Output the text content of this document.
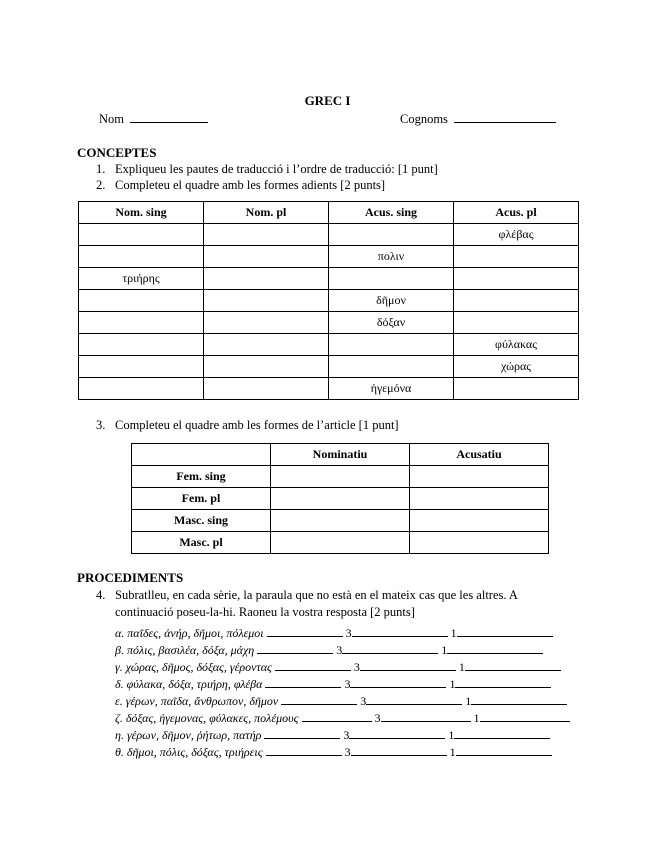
GREC I
Nom	Cognoms
CONCEPTES
1. Expliqueu les pautes de traducció i l’ordre de traducció: [1 punt]
2. Completeu el quadre amb les formes adients [2 punts]
Nom. sing	Nom. pl	Acus. sing	Acus. pl
			φλέβας
		πολιν	
τριήρης			
		δῆμον	
		δόξαν	
			φύλακας
			χώρας
		ἡγεμόνα	
3. Completeu el quadre amb les formes de l’article [1 punt]
	Nominatiu	Acusatiu
Fem. sing		
Fem. pl		
Masc. sing		
Masc. pl		
PROCEDIMENTS
4. Subratlleu, en cada sèrie, la paraula que no està en el mateix cas que les altres. A
continuació poseu-la-hi. Raoneu la vostra resposta [2 punts]
α. παῖδες, ἀνήρ, δῆμοι, πόλεμοι	3	1
β. πόλις, βασιλέα, δόξα, μάχη	3	1
γ. χώρας, δῆμος, δόξας, γέροντας	3	1
δ. φύλακα, δόξα, τριήρη, φλέβα	3	1
ε. γέρων, παῖδα, ἄνθρωπον, δῆμον	3	1
ζ. δόξας, ἡγεμονας, φύλακες, πολέμους	3	1
η. γέρων, δῆμον, ῥήτωρ, πατήρ	3	1
θ. δῆμοι, πόλις, δόξας, τριήρεις	3	1
